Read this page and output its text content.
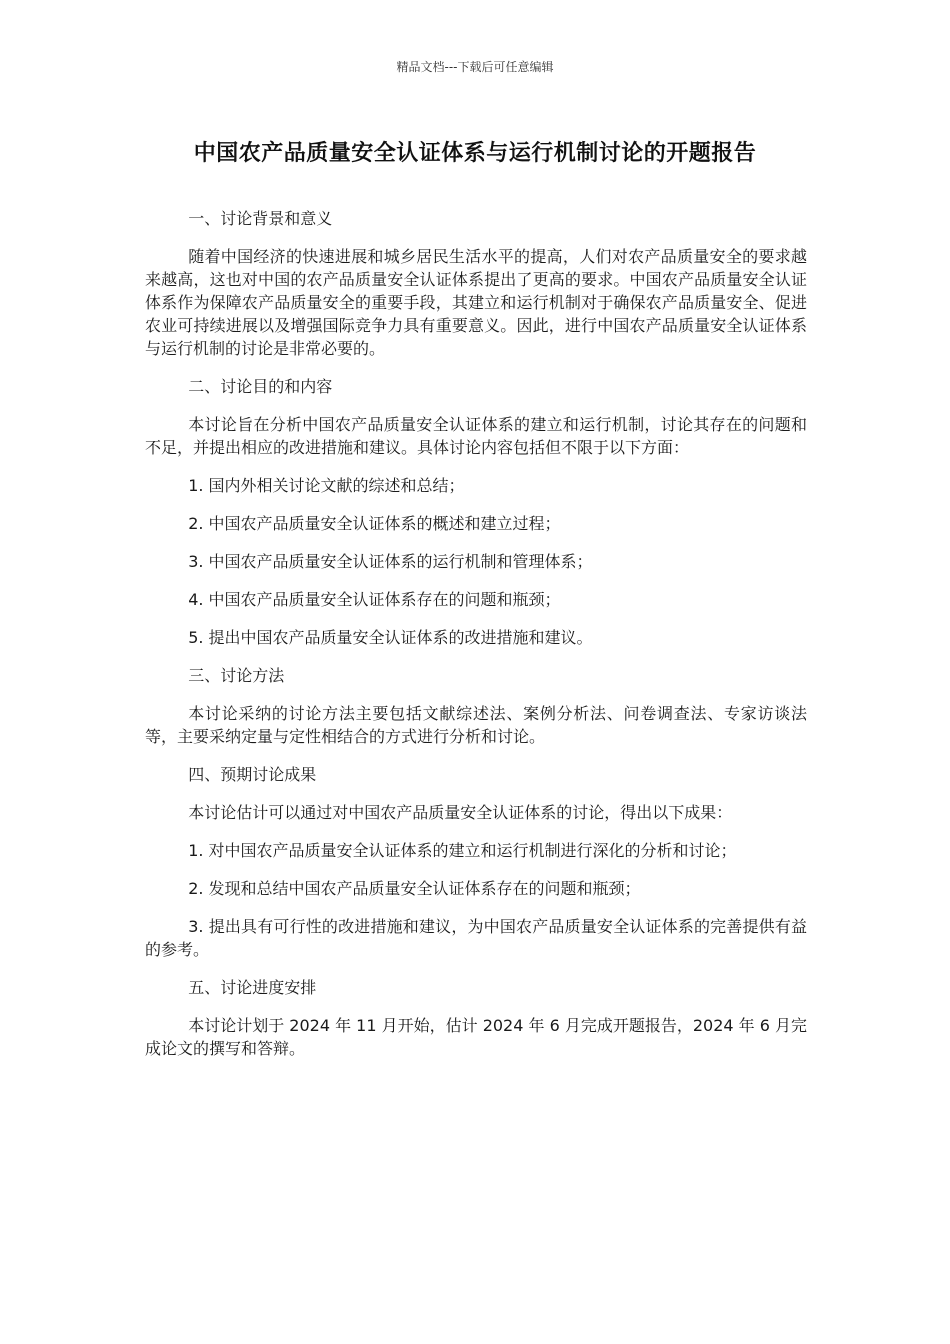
精品文档---下载后可任意编辑
中国农产品质量安全认证体系与运行机制讨论的开题报告

一、讨论背景和意义

随着中国经济的快速进展和城乡居民生活水平的提高，人们对农产品质量安全的要求越来越高，这也对中国的农产品质量安全认证体系提出了更高的要求。中国农产品质量安全认证体系作为保障农产品质量安全的重要手段，其建立和运行机制对于确保农产品质量安全、促进农业可持续进展以及增强国际竞争力具有重要意义。因此，进行中国农产品质量安全认证体系与运行机制的讨论是非常必要的。

二、讨论目的和内容

本讨论旨在分析中国农产品质量安全认证体系的建立和运行机制，讨论其存在的问题和不足，并提出相应的改进措施和建议。具体讨论内容包括但不限于以下方面：

1. 国内外相关讨论文献的综述和总结；

2. 中国农产品质量安全认证体系的概述和建立过程；

3. 中国农产品质量安全认证体系的运行机制和管理体系；

4. 中国农产品质量安全认证体系存在的问题和瓶颈；

5. 提出中国农产品质量安全认证体系的改进措施和建议。

三、讨论方法

本讨论采纳的讨论方法主要包括文献综述法、案例分析法、问卷调查法、专家访谈法等，主要采纳定量与定性相结合的方式进行分析和讨论。

四、预期讨论成果

本讨论估计可以通过对中国农产品质量安全认证体系的讨论，得出以下成果：

1. 对中国农产品质量安全认证体系的建立和运行机制进行深化的分析和讨论；

2. 发现和总结中国农产品质量安全认证体系存在的问题和瓶颈；

3. 提出具有可行性的改进措施和建议，为中国农产品质量安全认证体系的完善提供有益的参考。

五、讨论进度安排

本讨论计划于 2024 年 11 月开始，估计 2024 年 6 月完成开题报告，2024 年 6 月完成论文的撰写和答辩。
